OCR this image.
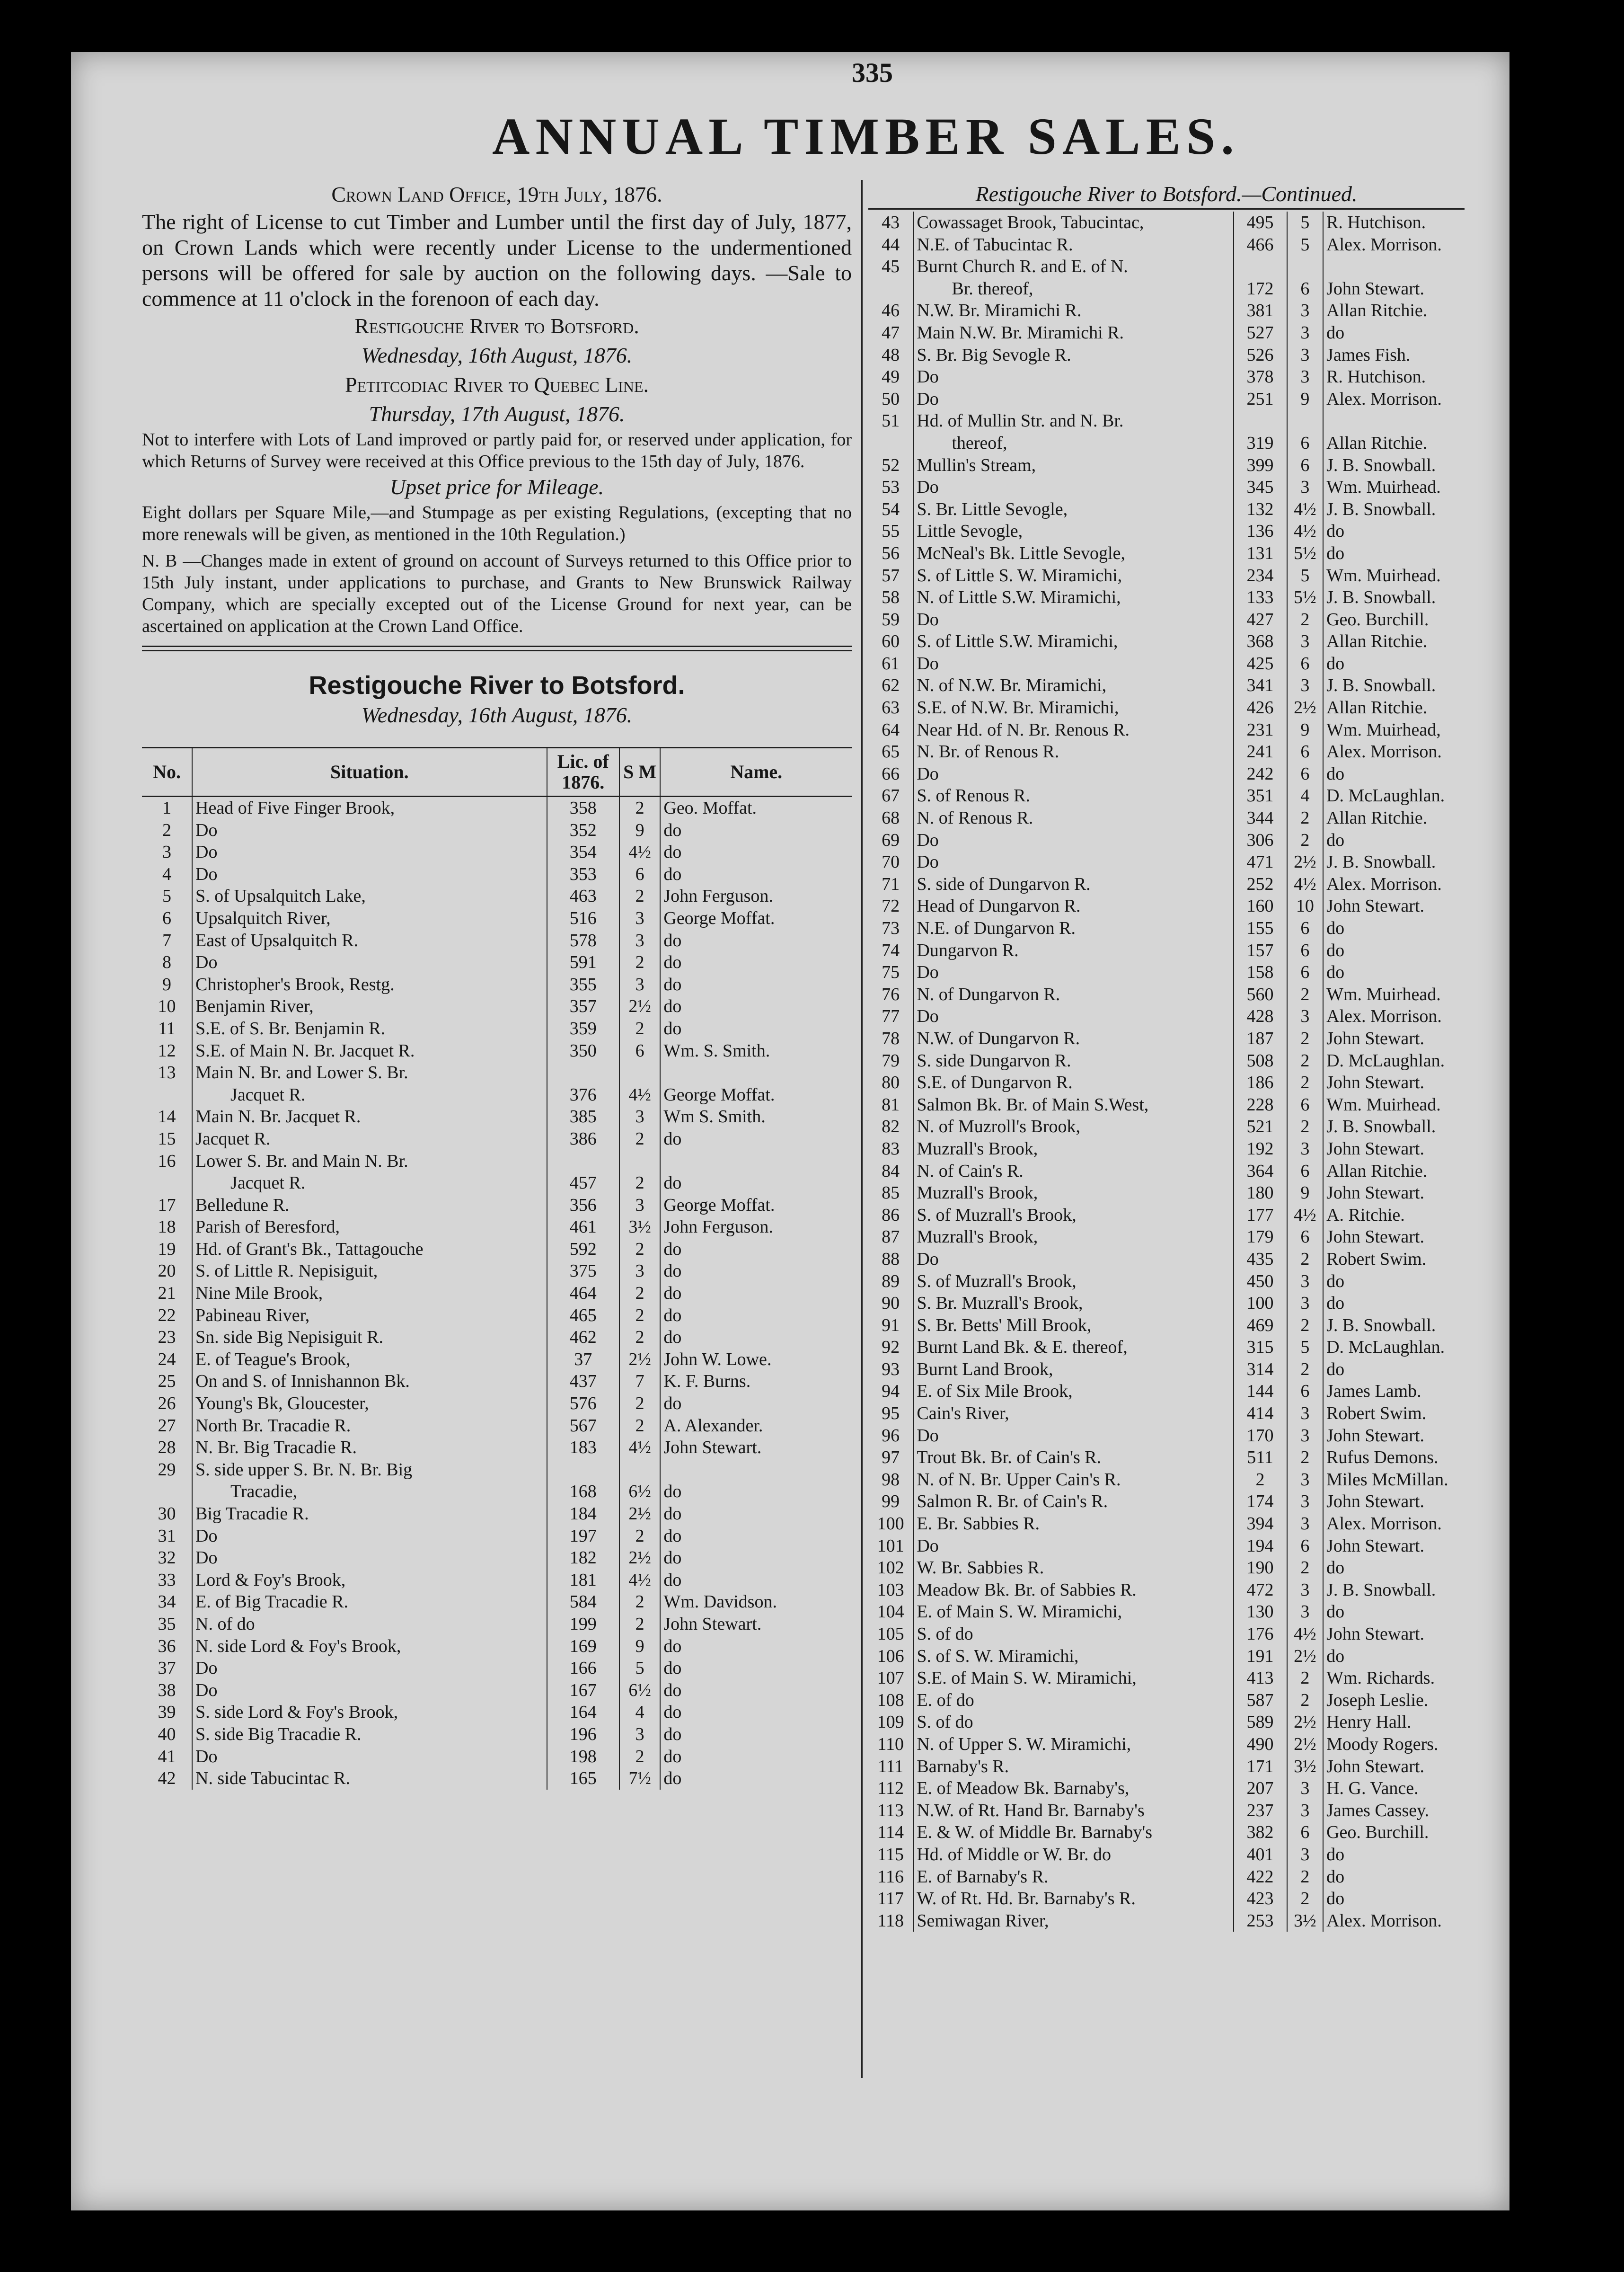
335
ANNUAL TIMBER SALES.
Crown Land Office, 19th July, 1876.

The right of License to cut Timber and Lumber until the first day of July, 1877, on Crown Lands which were recently under License to the undermentioned persons will be offered for sale by auction on the following days. —Sale to commence at 11 o'clock in the forenoon of each day.

Restigouche River to Botsford.
Wednesday, 16th August, 1876.
Petitcodiac River to Quebec Line.
Thursday, 17th August, 1876.

Not to interfere with Lots of Land improved or partly paid for, or reserved under application, for which Returns of Survey were received at this Office previous to the 15th day of July, 1876.

Upset price for Mileage.

Eight dollars per Square Mile,—and Stumpage as per existing Regulations, (excepting that no more renewals will be given, as mentioned in the 10th Regulation.)

N. B —Changes made in extent of ground on account of Surveys returned to this Office prior to 15th July instant, under applications to purchase, and Grants to New Brunswick Railway Company, which are specially excepted out of the License Ground for next year, can be ascertained on application at the Crown Land Office.

Restigouche River to Botsford.
Wednesday, 16th August, 1876.
No.	Situation.	Lic. of 1876.	S M	Name.
1	Head of Five Finger Brook,	358	2	Geo. Moffat.
2	Do	352	9	do
3	Do	354	4½	do
4	Do	353	6	do
5	S. of Upsalquitch Lake,	463	2	John Ferguson.
6	Upsalquitch River,	516	3	George Moffat.
7	East of Upsalquitch R.	578	3	do
8	Do	591	2	do
9	Christopher's Brook, Restg.	355	3	do
10	Benjamin River,	357	2½	do
11	S.E. of S. Br. Benjamin R.	359	2	do
12	S.E. of Main N. Br. Jacquet R.	350	6	Wm. S. Smith.
13	Main N. Br. and Lower S. Br.			
	Jacquet R.	376	4½	George Moffat.
14	Main N. Br. Jacquet R.	385	3	Wm S. Smith.
15	Jacquet R.	386	2	do
16	Lower S. Br. and Main N. Br.			
	Jacquet R.	457	2	do
17	Belledune R.	356	3	George Moffat.
18	Parish of Beresford,	461	3½	John Ferguson.
19	Hd. of Grant's Bk., Tattagouche	592	2	do
20	S. of Little R. Nepisiguit,	375	3	do
21	Nine Mile Brook,	464	2	do
22	Pabineau River,	465	2	do
23	Sn. side Big Nepisiguit R.	462	2	do
24	E. of Teague's Brook,	37	2½	John W. Lowe.
25	On and S. of Innishannon Bk.	437	7	K. F. Burns.
26	Young's Bk, Gloucester,	576	2	do
27	North Br. Tracadie R.	567	2	A. Alexander.
28	N. Br. Big Tracadie R.	183	4½	John Stewart.
29	S. side upper S. Br. N. Br. Big			
	Tracadie,	168	6½	do
30	Big Tracadie R.	184	2½	do
31	Do	197	2	do
32	Do	182	2½	do
33	Lord & Foy's Brook,	181	4½	do
34	E. of Big Tracadie R.	584	2	Wm. Davidson.
35	N. of do	199	2	John Stewart.
36	N. side Lord & Foy's Brook,	169	9	do
37	Do	166	5	do
38	Do	167	6½	do
39	S. side Lord & Foy's Brook,	164	4	do
40	S. side Big Tracadie R.	196	3	do
41	Do	198	2	do
42	N. side Tabucintac R.	165	7½	do
Restigouche River to Botsford.—Continued.
43	Cowassaget Brook, Tabucintac,	495	5	R. Hutchison.
44	N.E. of Tabucintac R.	466	5	Alex. Morrison.
45	Burnt Church R. and E. of N.			
	Br. thereof,	172	6	John Stewart.
46	N.W. Br. Miramichi R.	381	3	Allan Ritchie.
47	Main N.W. Br. Miramichi R.	527	3	do
48	S. Br. Big Sevogle R.	526	3	James Fish.
49	Do	378	3	R. Hutchison.
50	Do	251	9	Alex. Morrison.
51	Hd. of Mullin Str. and N. Br.			
	thereof,	319	6	Allan Ritchie.
52	Mullin's Stream,	399	6	J. B. Snowball.
53	Do	345	3	Wm. Muirhead.
54	S. Br. Little Sevogle,	132	4½	J. B. Snowball.
55	Little Sevogle,	136	4½	do
56	McNeal's Bk. Little Sevogle,	131	5½	do
57	S. of Little S. W. Miramichi,	234	5	Wm. Muirhead.
58	N. of Little S.W. Miramichi,	133	5½	J. B. Snowball.
59	Do	427	2	Geo. Burchill.
60	S. of Little S.W. Miramichi,	368	3	Allan Ritchie.
61	Do	425	6	do
62	N. of N.W. Br. Miramichi,	341	3	J. B. Snowball.
63	S.E. of N.W. Br. Miramichi,	426	2½	Allan Ritchie.
64	Near Hd. of N. Br. Renous R.	231	9	Wm. Muirhead,
65	N. Br. of Renous R.	241	6	Alex. Morrison.
66	Do	242	6	do
67	S. of Renous R.	351	4	D. McLaughlan.
68	N. of Renous R.	344	2	Allan Ritchie.
69	Do	306	2	do
70	Do	471	2½	J. B. Snowball.
71	S. side of Dungarvon R.	252	4½	Alex. Morrison.
72	Head of Dungarvon R.	160	10	John Stewart.
73	N.E. of Dungarvon R.	155	6	do
74	Dungarvon R.	157	6	do
75	Do	158	6	do
76	N. of Dungarvon R.	560	2	Wm. Muirhead.
77	Do	428	3	Alex. Morrison.
78	N.W. of Dungarvon R.	187	2	John Stewart.
79	S. side Dungarvon R.	508	2	D. McLaughlan.
80	S.E. of Dungarvon R.	186	2	John Stewart.
81	Salmon Bk. Br. of Main S.West,	228	6	Wm. Muirhead.
82	N. of Muzroll's Brook,	521	2	J. B. Snowball.
83	Muzrall's Brook,	192	3	John Stewart.
84	N. of Cain's R.	364	6	Allan Ritchie.
85	Muzrall's Brook,	180	9	John Stewart.
86	S. of Muzrall's Brook,	177	4½	A. Ritchie.
87	Muzrall's Brook,	179	6	John Stewart.
88	Do	435	2	Robert Swim.
89	S. of Muzrall's Brook,	450	3	do
90	S. Br. Muzrall's Brook,	100	3	do
91	S. Br. Betts' Mill Brook,	469	2	J. B. Snowball.
92	Burnt Land Bk. & E. thereof,	315	5	D. McLaughlan.
93	Burnt Land Brook,	314	2	do
94	E. of Six Mile Brook,	144	6	James Lamb.
95	Cain's River,	414	3	Robert Swim.
96	Do	170	3	John Stewart.
97	Trout Bk. Br. of Cain's R.	511	2	Rufus Demons.
98	N. of N. Br. Upper Cain's R.	2	3	Miles McMillan.
99	Salmon R. Br. of Cain's R.	174	3	John Stewart.
100	E. Br. Sabbies R.	394	3	Alex. Morrison.
101	Do	194	6	John Stewart.
102	W. Br. Sabbies R.	190	2	do
103	Meadow Bk. Br. of Sabbies R.	472	3	J. B. Snowball.
104	E. of Main S. W. Miramichi,	130	3	do
105	S. of do	176	4½	John Stewart.
106	S. of S. W. Miramichi,	191	2½	do
107	S.E. of Main S. W. Miramichi,	413	2	Wm. Richards.
108	E. of do	587	2	Joseph Leslie.
109	S. of do	589	2½	Henry Hall.
110	N. of Upper S. W. Miramichi,	490	2½	Moody Rogers.
111	Barnaby's R.	171	3½	John Stewart.
112	E. of Meadow Bk. Barnaby's,	207	3	H. G. Vance.
113	N.W. of Rt. Hand Br. Barnaby's	237	3	James Cassey.
114	E. & W. of Middle Br. Barnaby's	382	6	Geo. Burchill.
115	Hd. of Middle or W. Br. do	401	3	do
116	E. of Barnaby's R.	422	2	do
117	W. of Rt. Hd. Br. Barnaby's R.	423	2	do
118	Semiwagan River,	253	3½	Alex. Morrison.
